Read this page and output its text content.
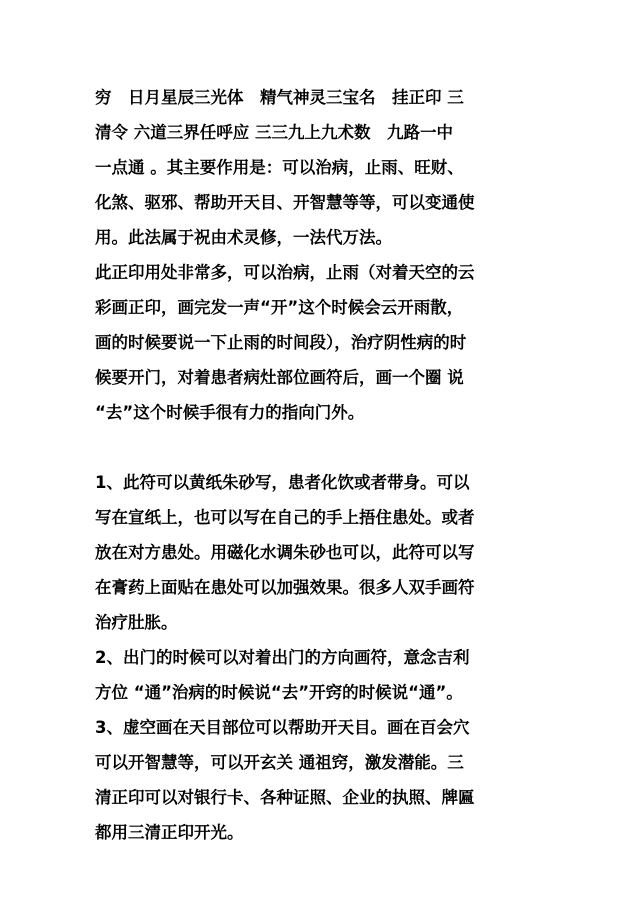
穷　日月星辰三光体　精气神灵三宝名　挂正印 三
清令 六道三界任呼应 三三九上九术数　九路一中
一点通 。其主要作用是：可以治病，止雨、旺财、
化煞、驱邪、帮助开天目、开智慧等等，可以变通使
用。此法属于祝由术灵修，一法代万法。
此正印用处非常多，可以治病，止雨（对着天空的云
彩画正印，画完发一声“开”这个时候会云开雨散，
画的时候要说一下止雨的时间段），治疗阴性病的时
候要开门，对着患者病灶部位画符后，画一个圈 说
“去”这个时候手很有力的指向门外。
1、此符可以黄纸朱砂写，患者化饮或者带身。可以
写在宣纸上，也可以写在自己的手上捂住患处。或者
放在对方患处。用磁化水调朱砂也可以，此符可以写
在膏药上面贴在患处可以加强效果。很多人双手画符
治疗肚胀。
2、出门的时候可以对着出门的方向画符，意念吉利
方位 “通”治病的时候说“去”开窍的时候说“通”。
3、虚空画在天目部位可以帮助开天目。画在百会穴
可以开智慧等，可以开玄关 通祖窍，激发潜能。三
清正印可以对银行卡、各种证照、企业的执照、牌匾
都用三清正印开光。
